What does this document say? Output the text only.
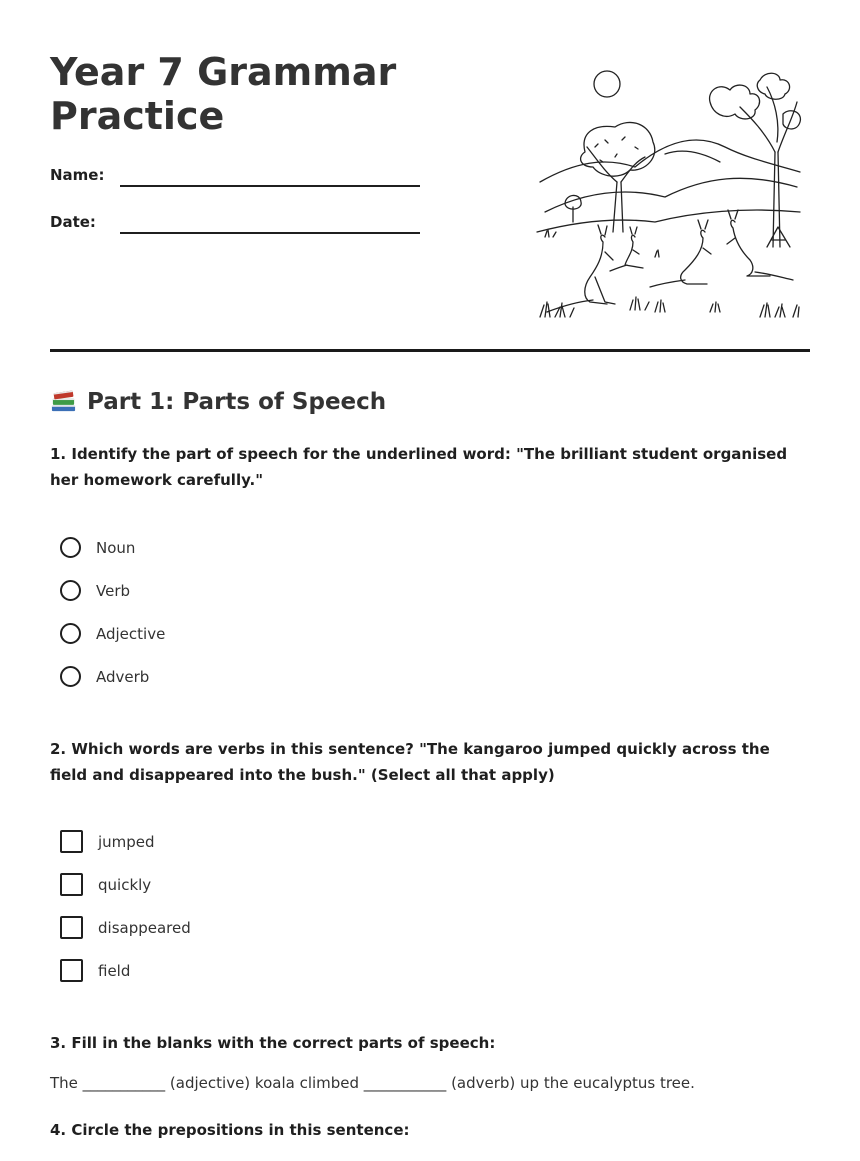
Year 7 Grammar Practice
Name:
Date:
Part 1: Parts of Speech
1. Identify the part of speech for the underlined word: "The brilliant student organised her homework carefully."
Noun
Verb
Adjective
Adverb
2. Which words are verbs in this sentence? "The kangaroo jumped quickly across the field and disappeared into the bush." (Select all that apply)
jumped
quickly
disappeared
field
3. Fill in the blanks with the correct parts of speech:
The ___________ (adjective) koala climbed ___________ (adverb) up the eucalyptus tree.
4. Circle the prepositions in this sentence:
